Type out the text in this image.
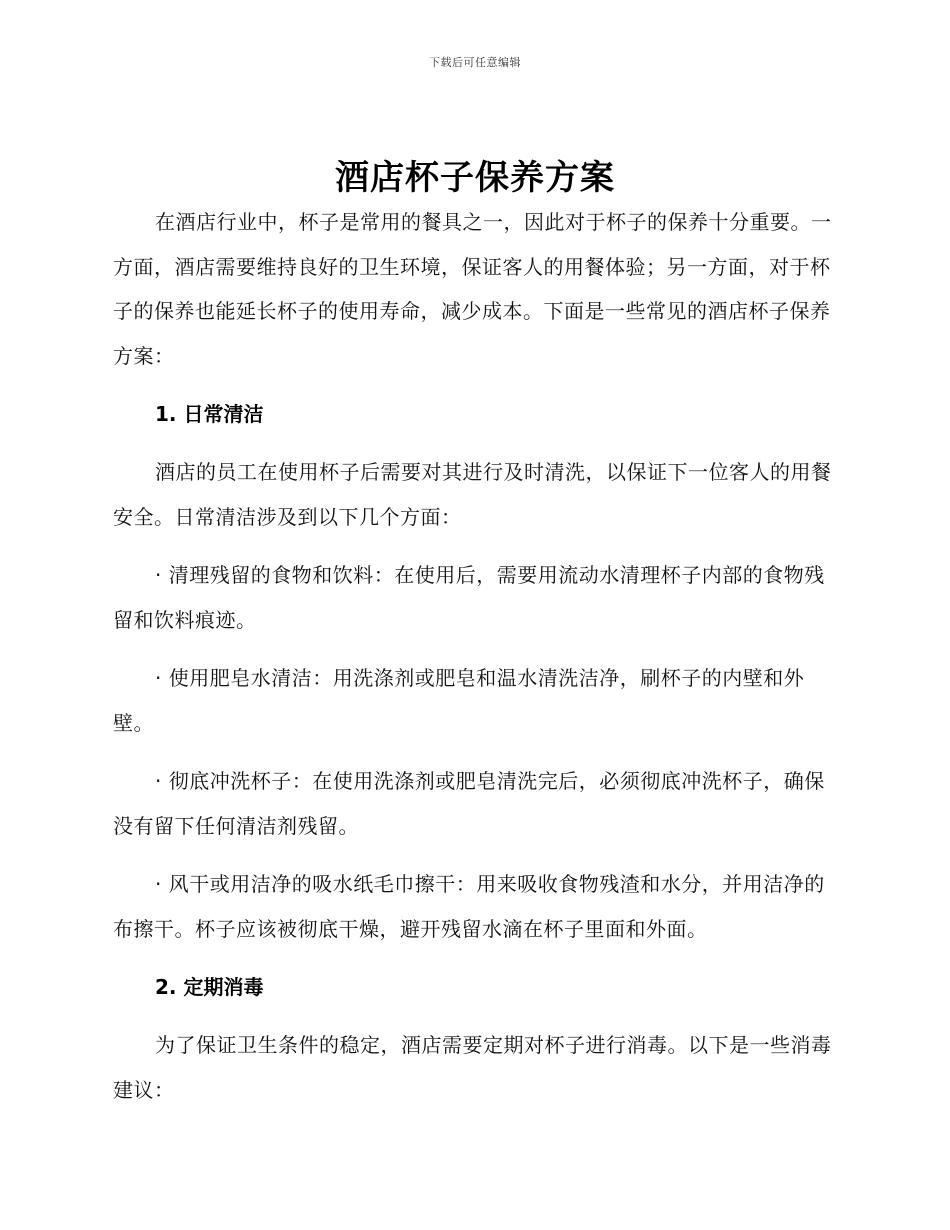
下载后可任意编辑
酒店杯子保养方案

在酒店行业中，杯子是常用的餐具之一，因此对于杯子的保养十分重要。一方面，酒店需要维持良好的卫生环境，保证客人的用餐体验；另一方面，对于杯子的保养也能延长杯子的使用寿命，减少成本。下面是一些常见的酒店杯子保养方案：

1. 日常清洁

酒店的员工在使用杯子后需要对其进行及时清洗，以保证下一位客人的用餐安全。日常清洁涉及到以下几个方面：

· 清理残留的食物和饮料：在使用后，需要用流动水清理杯子内部的食物残留和饮料痕迹。

· 使用肥皂水清洁：用洗涤剂或肥皂和温水清洗洁净，刷杯子的内壁和外壁。

· 彻底冲洗杯子：在使用洗涤剂或肥皂清洗完后，必须彻底冲洗杯子，确保没有留下任何清洁剂残留。

· 风干或用洁净的吸水纸毛巾擦干：用来吸收食物残渣和水分，并用洁净的布擦干。杯子应该被彻底干燥，避开残留水滴在杯子里面和外面。

2. 定期消毒

为了保证卫生条件的稳定，酒店需要定期对杯子进行消毒。以下是一些消毒建议：
